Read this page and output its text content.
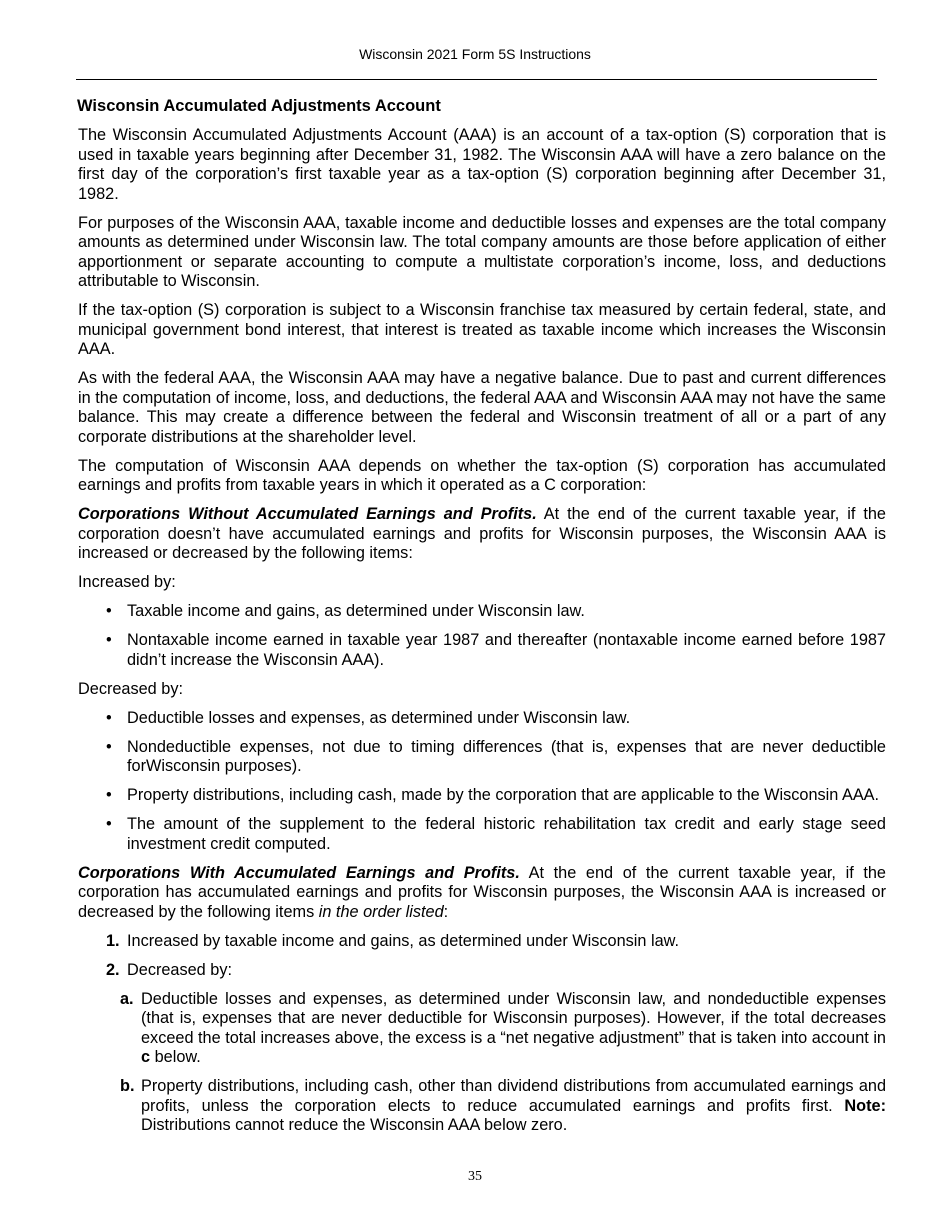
Wisconsin 2021 Form 5S Instructions
Wisconsin Accumulated Adjustments Account

The Wisconsin Accumulated Adjustments Account (AAA) is an account of a tax-option (S) corporation that is used in taxable years beginning after December 31, 1982. The Wisconsin AAA will have a zero balance on the first day of the corporation’s first taxable year as a tax-option (S) corporation beginning after December 31, 1982.

For purposes of the Wisconsin AAA, taxable income and deductible losses and expenses are the total company amounts as determined under Wisconsin law. The total company amounts are those before application of either apportionment or separate accounting to compute a multistate corporation’s income, loss, and deductions attributable to Wisconsin.

If the tax-option (S) corporation is subject to a Wisconsin franchise tax measured by certain federal, state, and municipal government bond interest, that interest is treated as taxable income which increases the Wisconsin AAA.

As with the federal AAA, the Wisconsin AAA may have a negative balance. Due to past and current differences in the computation of income, loss, and deductions, the federal AAA and Wisconsin AAA may not have the same balance. This may create a difference between the federal and Wisconsin treatment of all or a part of any corporate distributions at the shareholder level.

The computation of Wisconsin AAA depends on whether the tax-option (S) corporation has accumulated earnings and profits from taxable years in which it operated as a C corporation:

Corporations Without Accumulated Earnings and Profits. At the end of the current taxable year, if the corporation doesn’t have accumulated earnings and profits for Wisconsin purposes, the Wisconsin AAA is increased or decreased by the following items:

Increased by:

• Taxable income and gains, as determined under Wisconsin law.
• Nontaxable income earned in taxable year 1987 and thereafter (nontaxable income earned before 1987 didn’t increase the Wisconsin AAA).

Decreased by:

• Deductible losses and expenses, as determined under Wisconsin law.
• Nondeductible expenses, not due to timing differences (that is, expenses that are never deductible forWisconsin purposes).
• Property distributions, including cash, made by the corporation that are applicable to the Wisconsin AAA.
• The amount of the supplement to the federal historic rehabilitation tax credit and early stage seed investment credit computed.

Corporations With Accumulated Earnings and Profits. At the end of the current taxable year, if the corporation has accumulated earnings and profits for Wisconsin purposes, the Wisconsin AAA is increased or decreased by the following items in the order listed:

1. Increased by taxable income and gains, as determined under Wisconsin law.
2. Decreased by:
a. Deductible losses and expenses, as determined under Wisconsin law, and nondeductible expenses (that is, expenses that are never deductible for Wisconsin purposes). However, if the total decreases exceed the total increases above, the excess is a “net negative adjustment” that is taken into account in c below.
b. Property distributions, including cash, other than dividend distributions from accumulated earnings and profits, unless the corporation elects to reduce accumulated earnings and profits first. Note: Distributions cannot reduce the Wisconsin AAA below zero.
35
